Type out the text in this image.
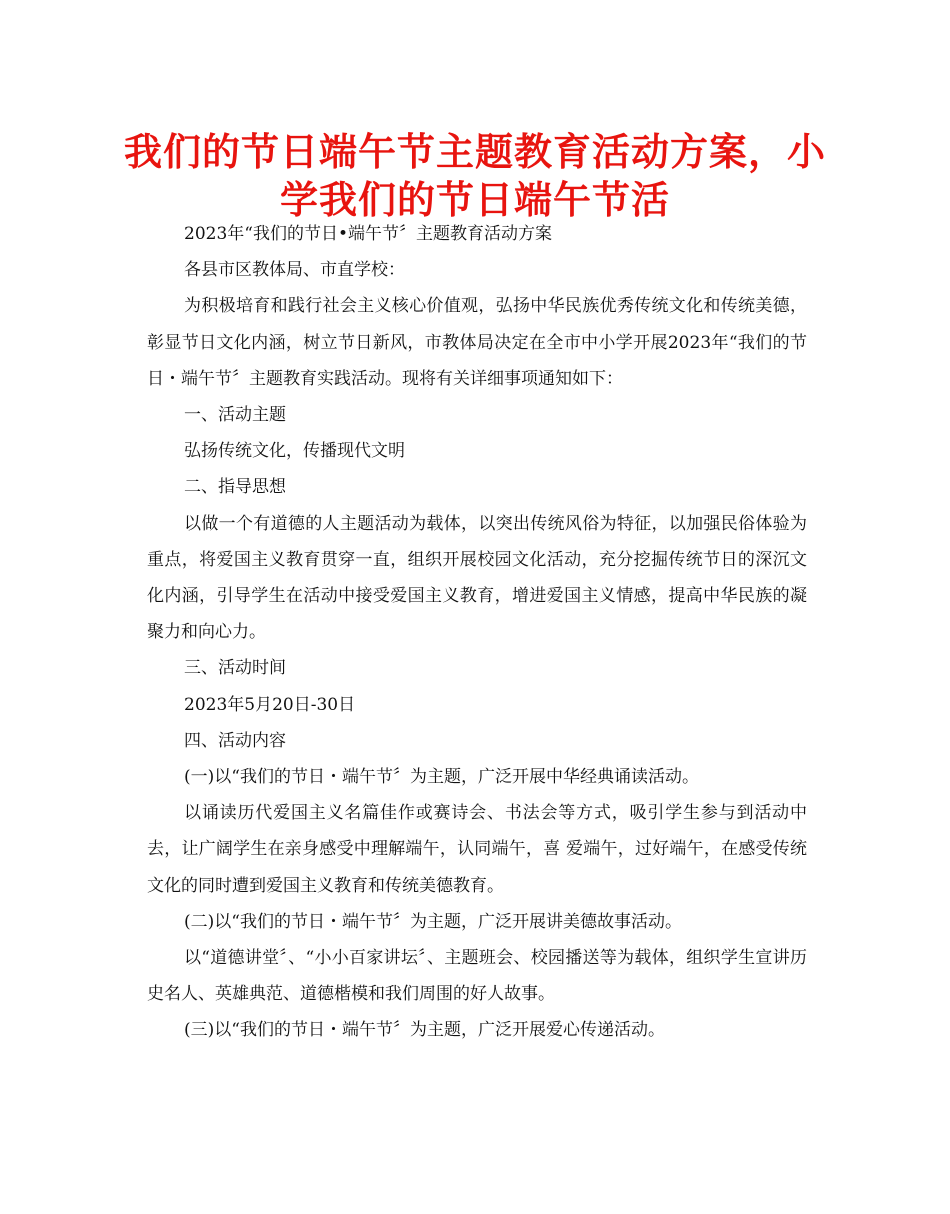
我们的节日端午节主题教育活动方案，小学我们的节日端午节活

2023年“我们的节日•端午节〞主题教育活动方案

各县市区教体局、市直学校：

为积极培育和践行社会主义核心价值观，弘扬中华民族优秀传统文化和传统美德，彰显节日文化内涵，树立节日新风，市教体局决定在全市中小学开展2023年“我们的节日・端午节〞主题教育实践活动。现将有关详细事项通知如下：

一、活动主题

弘扬传统文化，传播现代文明

二、指导思想

以做一个有道德的人主题活动为载体，以突出传统风俗为特征，以加强民俗体验为重点，将爱国主义教育贯穿一直，组织开展校园文化活动，充分挖掘传统节日的深沉文化内涵，引导学生在活动中接受爱国主义教育，增进爱国主义情感，提高中华民族的凝聚力和向心力。

三、活动时间

2023年5月20日-30日

四、活动内容

(一)以“我们的节日・端午节〞为主题，广泛开展中华经典诵读活动。

以诵读历代爱国主义名篇佳作或赛诗会、书法会等方式，吸引学生参与到活动中去，让广阔学生在亲身感受中理解端午，认同端午，喜 爱端午，过好端午，在感受传统文化的同时遭到爱国主义教育和传统美德教育。

(二)以“我们的节日・端午节〞为主题，广泛开展讲美德故事活动。

以“道德讲堂〞、“小小百家讲坛〞、主题班会、校园播送等为载体，组织学生宣讲历史名人、英雄典范、道德楷模和我们周围的好人故事。

(三)以“我们的节日・端午节〞为主题，广泛开展爱心传递活动。
